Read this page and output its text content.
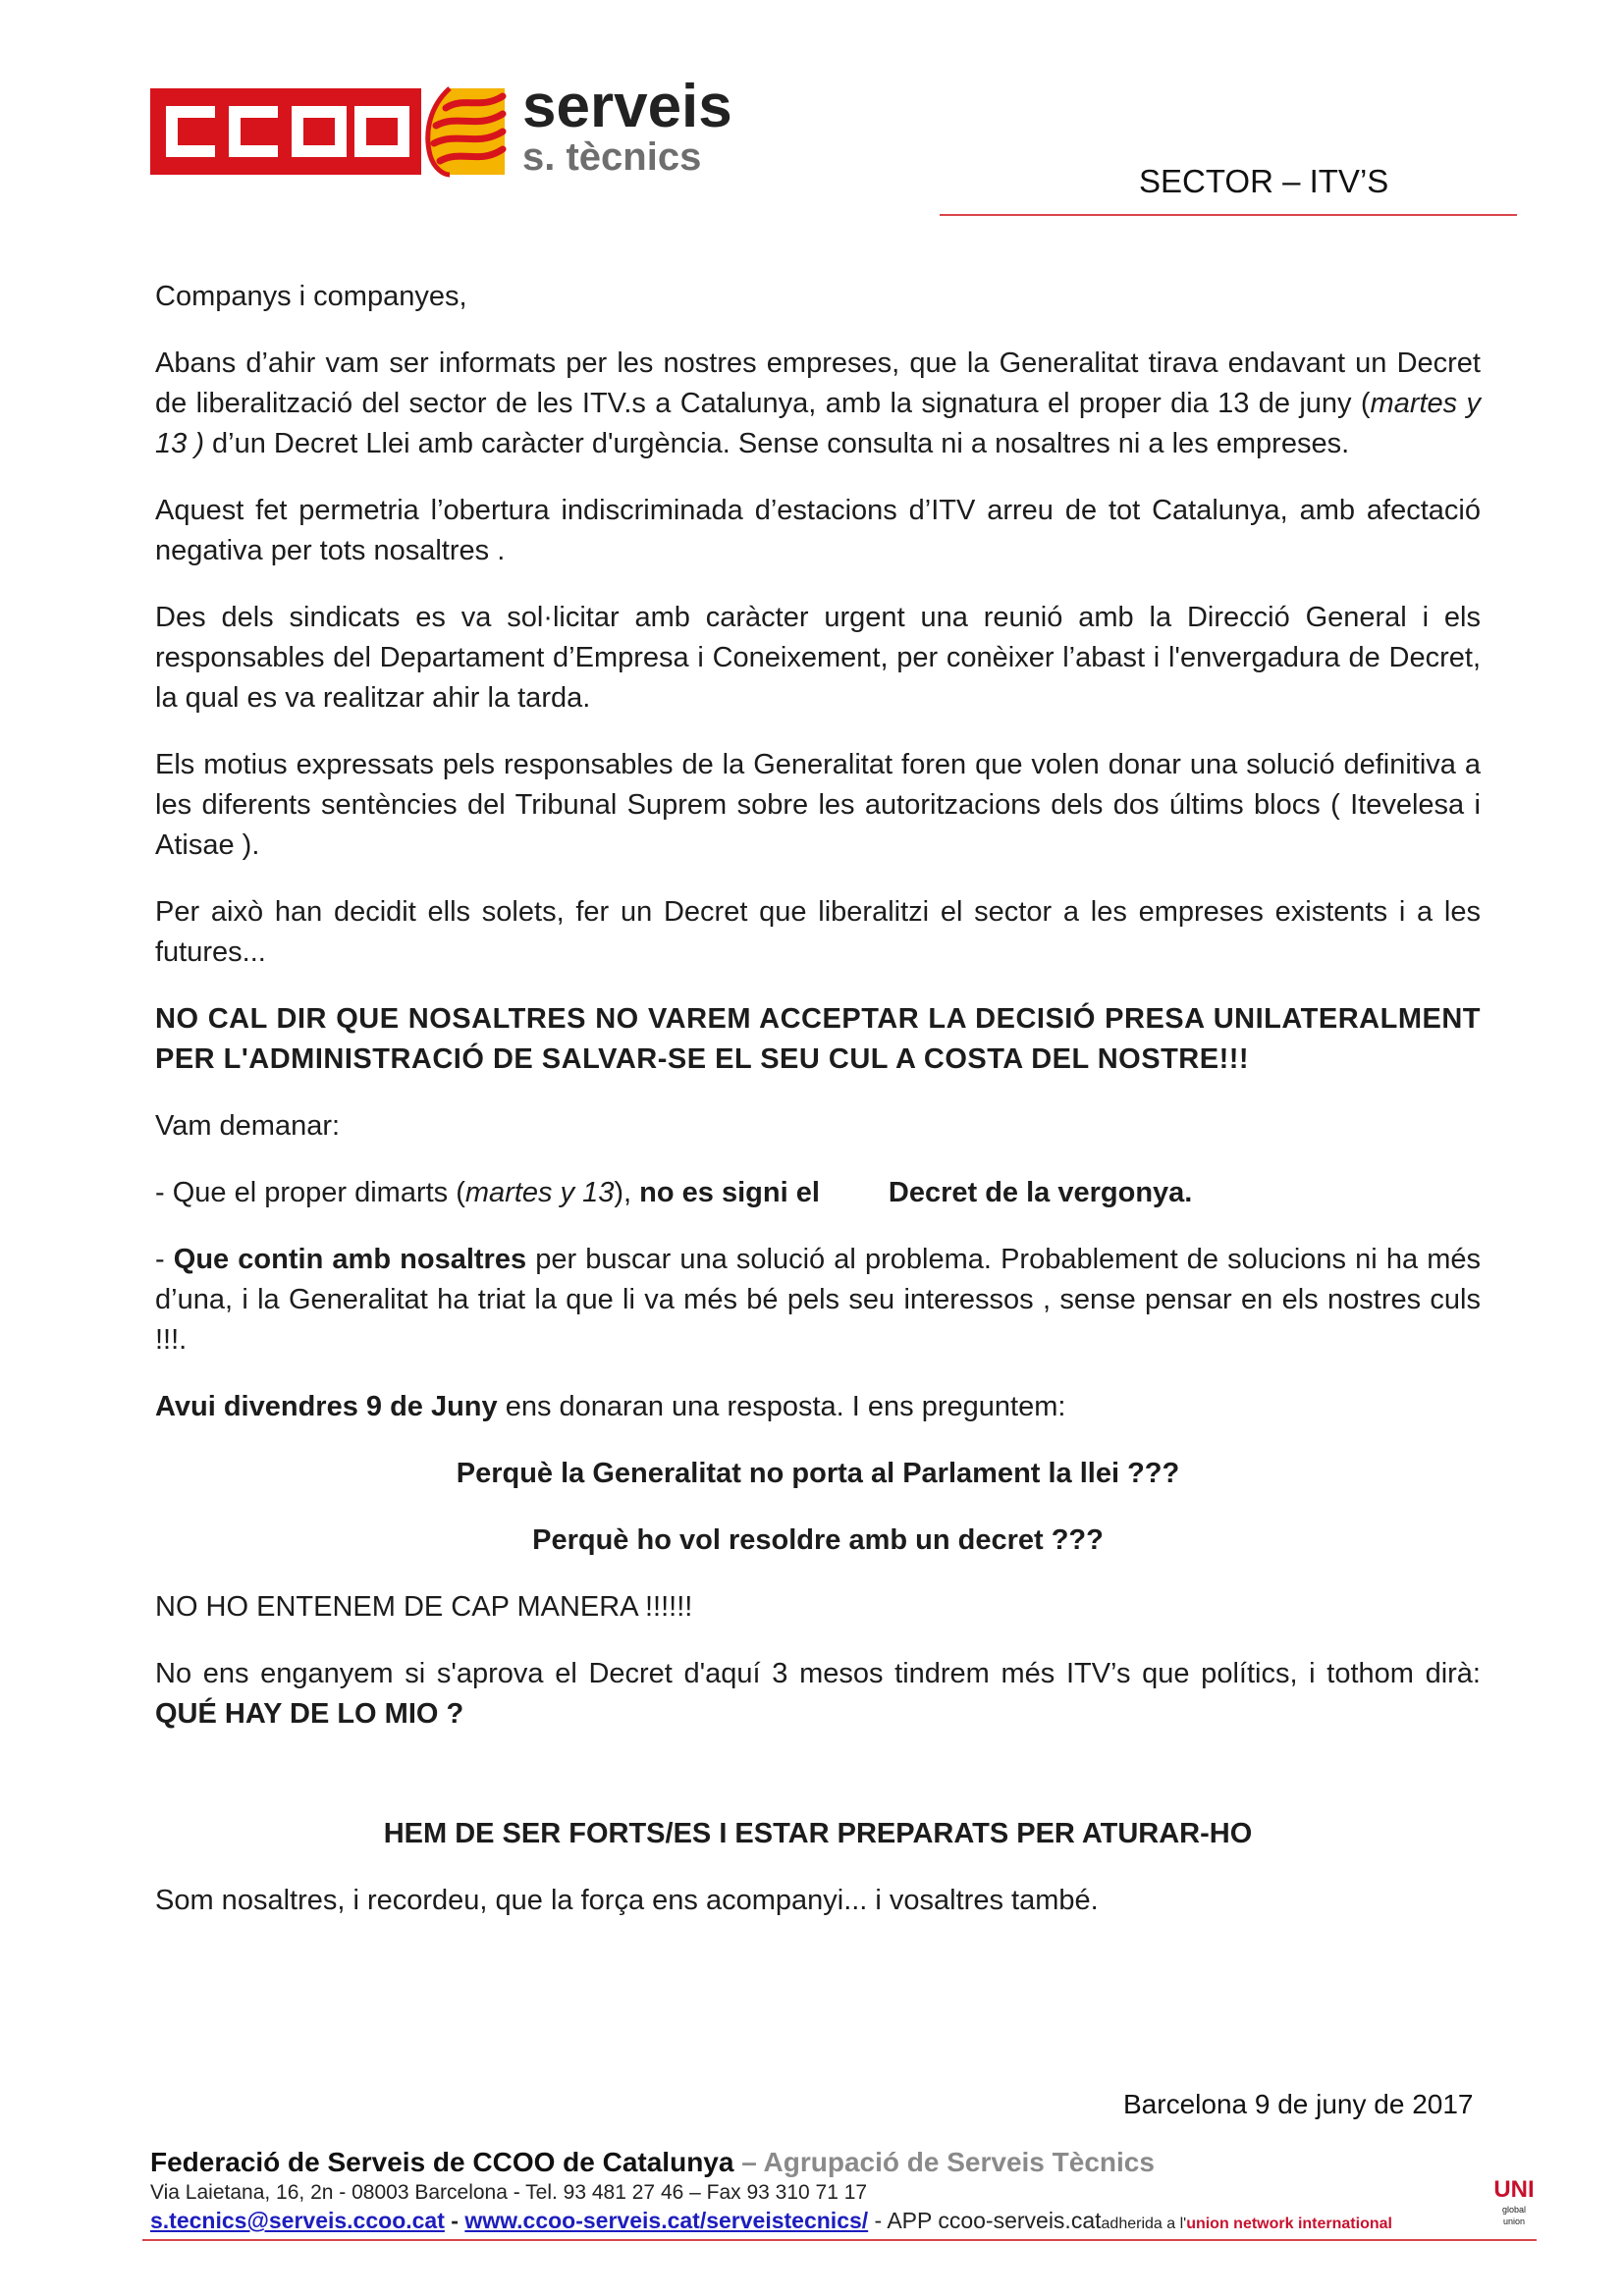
serveis
s. tècnics
SECTOR – ITV’S

Companys i companyes,

Abans d’ahir vam ser informats per les nostres empreses, que la Generalitat tirava endavant un Decret de liberalització del sector de les ITV.s a Catalunya, amb la signatura el proper dia 13 de juny (martes y 13 ) d’un Decret Llei amb caràcter d'urgència. Sense consulta ni a nosaltres ni a les empreses.

Aquest fet permetria l’obertura indiscriminada d’estacions d’ITV arreu de tot Catalunya, amb afectació negativa per tots nosaltres .

Des dels sindicats es va sol·licitar amb caràcter urgent una reunió amb la Direcció General i els responsables del Departament d’Empresa i Coneixement, per conèixer l’abast i l'envergadura de Decret, la qual es va realitzar ahir la tarda.

Els motius expressats pels responsables de la Generalitat foren que volen donar una solució definitiva a les diferents sentències del Tribunal Suprem sobre les autoritzacions dels dos últims blocs ( Itevelesa i Atisae ).

Per això han decidit ells solets, fer un Decret que liberalitzi el sector a les empreses existents i a les futures...

NO CAL DIR QUE NOSALTRES NO VAREM ACCEPTAR LA DECISIÓ PRESA UNILATERALMENT PER L'ADMINISTRACIÓ DE SALVAR-SE EL SEU CUL A COSTA DEL NOSTRE!!!

Vam demanar:

- Que el proper dimarts (martes y 13), no es signi el Decret de la vergonya.

- Que contin amb nosaltres per buscar una solució al problema. Probablement de solucions ni ha més d’una, i la Generalitat ha triat la que li va més bé pels seu interessos , sense pensar en els nostres culs !!!.

Avui divendres 9 de Juny ens donaran una resposta. I ens preguntem:

Perquè la Generalitat no porta al Parlament la llei ???

Perquè ho vol resoldre amb un decret ???

NO HO ENTENEM DE CAP MANERA !!!!!!

No ens enganyem si s'aprova el Decret d'aquí 3 mesos tindrem més ITV’s que polítics, i tothom dirà: QUÉ HAY DE LO MIO ?

HEM DE SER FORTS/ES I ESTAR PREPARATS PER ATURAR-HO

Som nosaltres, i recordeu, que la força ens acompanyi... i vosaltres també.

Barcelona 9 de juny de 2017
Federació de Serveis de CCOO de Catalunya – Agrupació de Serveis Tècnics
Via Laietana, 16, 2n - 08003 Barcelona - Tel. 93 481 27 46 – Fax 93 310 71 17
s.tecnics@serveis.ccoo.cat - www.ccoo-serveis.cat/serveistecnics/ - APP ccoo-serveis.catadherida a l'union network international
UNI
global
union
